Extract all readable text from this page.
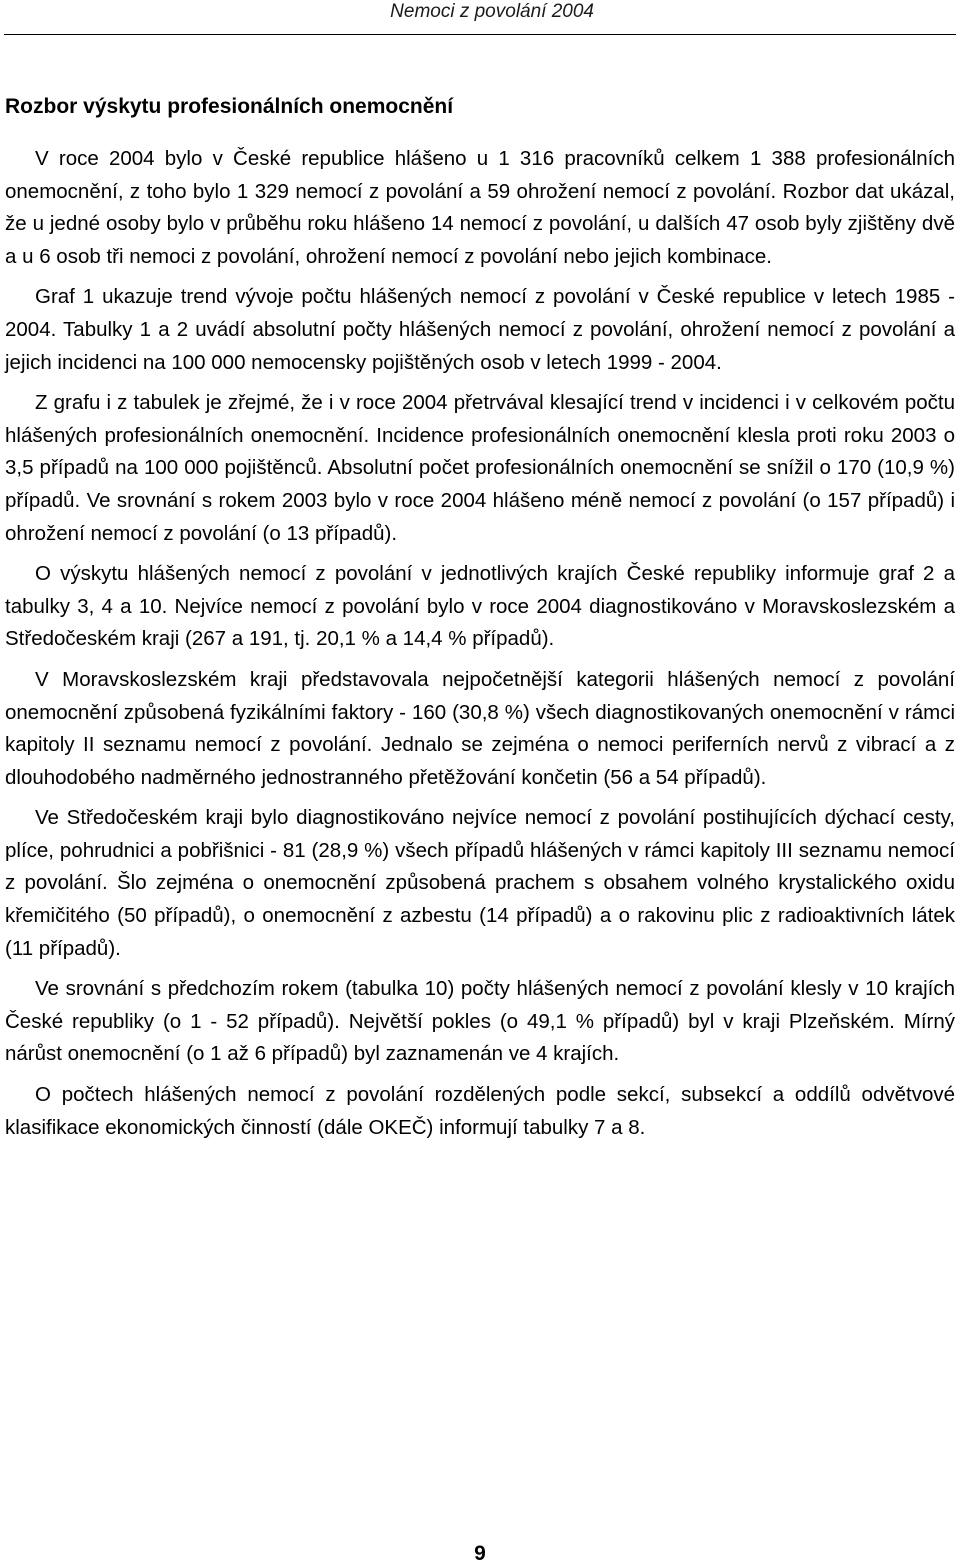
Nemoci z povolání 2004
Rozbor výskytu profesionálních onemocnění

V roce 2004 bylo v České republice hlášeno u 1 316 pracovníků celkem 1 388 profesionálních onemocnění, z toho bylo 1 329 nemocí z povolání a 59 ohrožení nemocí z povolání. Rozbor dat ukázal, že u jedné osoby bylo v průběhu roku hlášeno 14 nemocí z povolání, u dalších 47 osob byly zjištěny dvě a u 6 osob tři nemoci z povolání, ohrožení nemocí z povolání nebo jejich kombinace.

Graf 1 ukazuje trend vývoje počtu hlášených nemocí z povolání v České republice v letech 1985 - 2004. Tabulky 1 a 2 uvádí absolutní počty hlášených nemocí z povolání, ohrožení nemocí z povolání a jejich incidenci na 100 000 nemocensky pojištěných osob v letech 1999 - 2004.

Z grafu i z tabulek je zřejmé, že i v roce 2004 přetrvával klesající trend v incidenci i v celkovém počtu hlášených profesionálních onemocnění. Incidence profesionálních onemocnění klesla proti roku 2003 o 3,5 případů na 100 000 pojištěnců. Absolutní počet profesionálních onemocnění se snížil o 170 (10,9 %) případů. Ve srovnání s rokem 2003 bylo v roce 2004 hlášeno méně nemocí z povolání (o 157 případů) i ohrožení nemocí z povolání (o 13 případů).

O výskytu hlášených nemocí z povolání v jednotlivých krajích České republiky informuje graf 2 a tabulky 3, 4 a 10. Nejvíce nemocí z povolání bylo v roce 2004 diagnostikováno v Moravskoslezském a Středočeském kraji (267 a 191, tj. 20,1 % a 14,4 % případů).

V Moravskoslezském kraji představovala nejpočetnější kategorii hlášených nemocí z povolání onemocnění způsobená fyzikálními faktory - 160 (30,8 %) všech diagnostikovaných onemocnění v rámci kapitoly II seznamu nemocí z povolání. Jednalo se zejména o nemoci periferních nervů z vibrací a z dlouhodobého nadměrného jednostranného přetěžování končetin (56 a 54 případů).

Ve Středočeském kraji bylo diagnostikováno nejvíce nemocí z povolání postihujících dýchací cesty, plíce, pohrudnici a pobřišnici - 81 (28,9 %) všech případů hlášených v rámci kapitoly III seznamu nemocí z povolání. Šlo zejména o onemocnění způsobená prachem s obsahem volného krystalického oxidu křemičitého (50 případů), o onemocnění z azbestu (14 případů) a o rakovinu plic z radioaktivních látek (11 případů).

Ve srovnání s předchozím rokem (tabulka 10) počty hlášených nemocí z povolání klesly v 10 krajích České republiky (o 1 - 52 případů). Největší pokles (o 49,1 % případů) byl v kraji Plzeňském. Mírný nárůst onemocnění (o 1 až 6 případů) byl zaznamenán ve 4 krajích.

O počtech hlášených nemocí z povolání rozdělených podle sekcí, subsekcí a oddílů odvětvové klasifikace ekonomických činností (dále OKEČ) informují tabulky 7 a 8.

9
